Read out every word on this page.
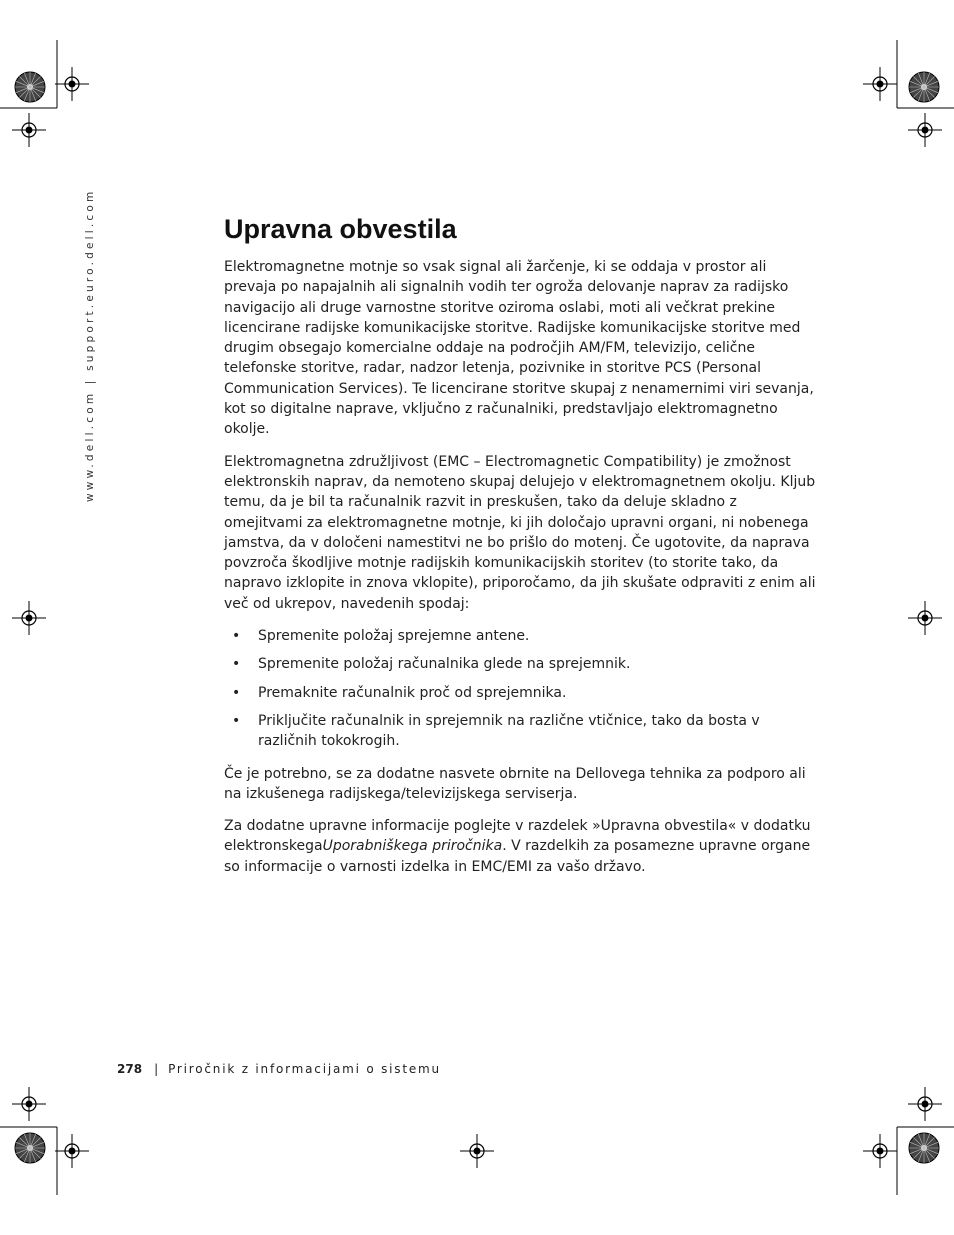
www.dell.com | support.euro.dell.com	Upravna obvestila

Elektromagnetne motnje so vsak signal ali žarčenje, ki se oddaja v prostor ali prevaja po napajalnih ali signalnih vodih ter ogroža delovanje naprav za radijsko navigacijo ali druge varnostne storitve oziroma oslabi, moti ali večkrat prekine licencirane radijske komunikacijske storitve. Radijske komunikacijske storitve med drugim obsegajo komercialne oddaje na področjih AM/FM, televizijo, celične telefonske storitve, radar, nadzor letenja, pozivnike in storitve PCS (Personal Communication Services). Te licencirane storitve skupaj z nenamernimi viri sevanja, kot so digitalne naprave, vključno z računalniki, predstavljajo elektromagnetno okolje.

Elektromagnetna združljivost (EMC – Electromagnetic Compatibility) je zmožnost elektronskih naprav, da nemoteno skupaj delujejo v elektromagnetnem okolju. Kljub temu, da je bil ta računalnik razvit in preskušen, tako da deluje skladno z omejitvami za elektromagnetne motnje, ki jih določajo upravni organi, ni nobenega jamstva, da v določeni namestitvi ne bo prišlo do motenj. Če ugotovite, da naprava povzroča škodljive motnje radijskih komunikacijskih storitev (to storite tako, da napravo izklopite in znova vklopite), priporočamo, da jih skušate odpraviti z enim ali več od ukrepov, navedenih spodaj:

• Spremenite položaj sprejemne antene.
• Spremenite položaj računalnika glede na sprejemnik.
• Premaknite računalnik proč od sprejemnika.
• Priključite računalnik in sprejemnik na različne vtičnice, tako da bosta v različnih tokokrogih.

Če je potrebno, se za dodatne nasvete obrnite na Dellovega tehnika za podporo ali na izkušenega radijskega/televizijskega serviserja.

Za dodatne upravne informacije poglejte v razdelek »Upravna obvestila« v dodatku elektronskegaUporabniškega priročnika. V razdelkih za posamezne upravne organe so informacije o varnosti izdelka in EMC/EMI za vašo državo.

278 | Priročnik z informacijami o sistemu
